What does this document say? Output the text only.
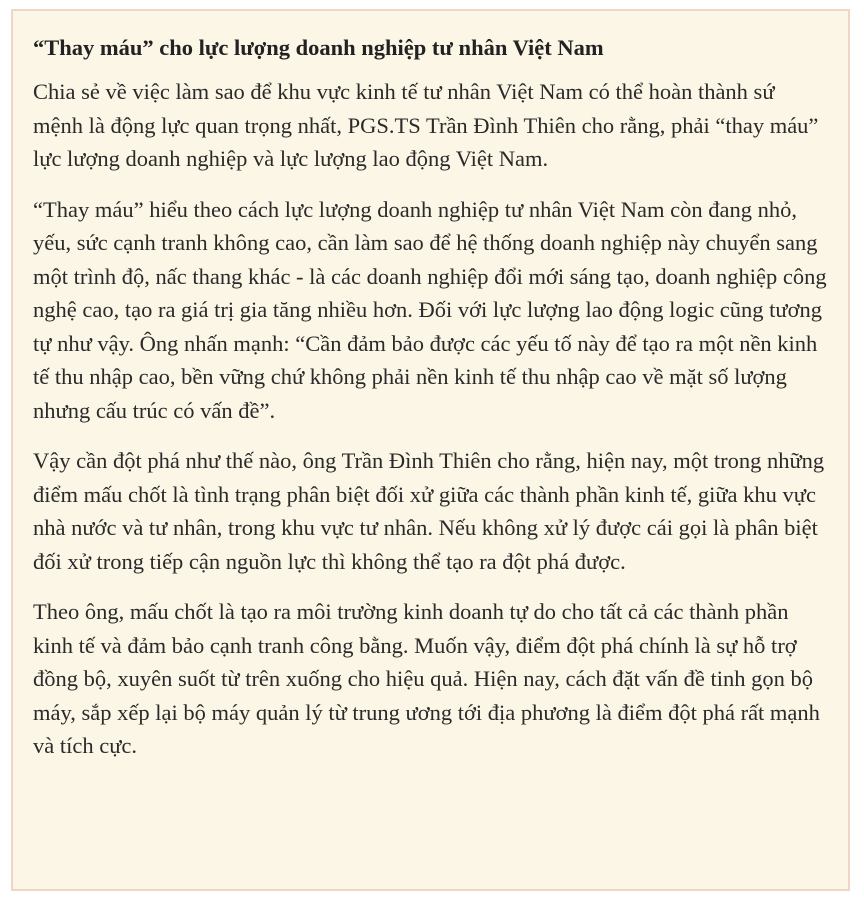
“Thay máu” cho lực lượng doanh nghiệp tư nhân Việt Nam

Chia sẻ về việc làm sao để khu vực kinh tế tư nhân Việt Nam có thể hoàn thành sứ mệnh là động lực quan trọng nhất, PGS.TS Trần Đình Thiên cho rằng, phải “thay máu” lực lượng doanh nghiệp và lực lượng lao động Việt Nam.

“Thay máu” hiểu theo cách lực lượng doanh nghiệp tư nhân Việt Nam còn đang nhỏ, yếu, sức cạnh tranh không cao, cần làm sao để hệ thống doanh nghiệp này chuyển sang một trình độ, nấc thang khác - là các doanh nghiệp đổi mới sáng tạo, doanh nghiệp công nghệ cao, tạo ra giá trị gia tăng nhiều hơn. Đối với lực lượng lao động logic cũng tương tự như vậy. Ông nhấn mạnh: “Cần đảm bảo được các yếu tố này để tạo ra một nền kinh tế thu nhập cao, bền vững chứ không phải nền kinh tế thu nhập cao về mặt số lượng nhưng cấu trúc có vấn đề”.

Vậy cần đột phá như thế nào, ông Trần Đình Thiên cho rằng, hiện nay, một trong những điểm mấu chốt là tình trạng phân biệt đối xử giữa các thành phần kinh tế, giữa khu vực nhà nước và tư nhân, trong khu vực tư nhân. Nếu không xử lý được cái gọi là phân biệt đối xử trong tiếp cận nguồn lực thì không thể tạo ra đột phá được.

Theo ông, mấu chốt là tạo ra môi trường kinh doanh tự do cho tất cả các thành phần kinh tế và đảm bảo cạnh tranh công bằng. Muốn vậy, điểm đột phá chính là sự hỗ trợ đồng bộ, xuyên suốt từ trên xuống cho hiệu quả. Hiện nay, cách đặt vấn đề tinh gọn bộ máy, sắp xếp lại bộ máy quản lý từ trung ương tới địa phương là điểm đột phá rất mạnh và tích cực.
